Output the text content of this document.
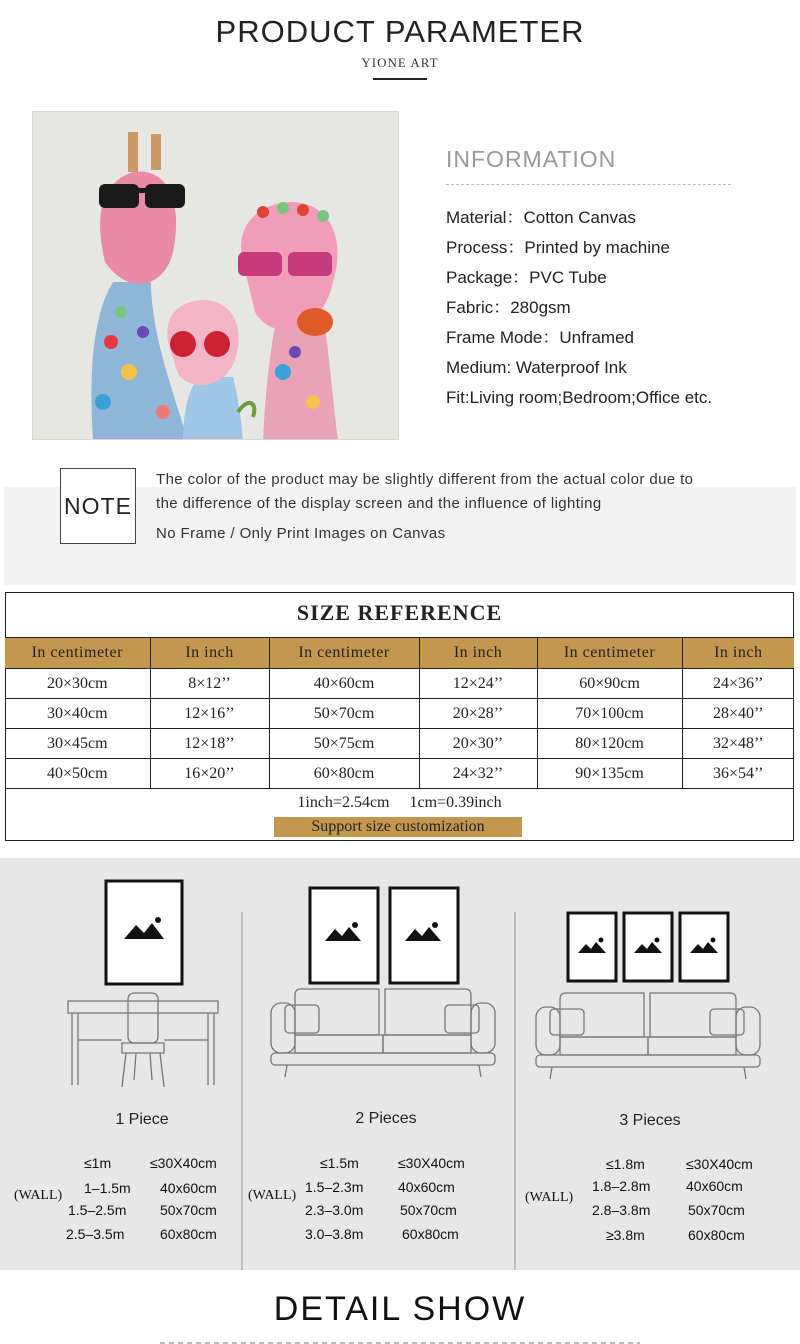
PRODUCT PARAMETER
YIONE ART
INFORMATION
Material：Cotton Canvas
Process：Printed by machine
Package：PVC Tube
Fabric：280gsm
Frame Mode：Unframed
Medium: Waterproof Ink
Fit:Living room;Bedroom;Office etc.
NOTE
The color of the product may be slightly different from the actual color due to
the difference of the display screen and the influence of lighting
No Frame / Only Print Images on Canvas
SIZE REFERENCE
In centimeter	In inch	In centimeter	In inch	In centimeter	In inch
20×30cm	8×12’’	40×60cm	12×24’’	60×90cm	24×36’’
30×40cm	12×16’’	50×70cm	20×28’’	70×100cm	28×40’’
30×45cm	12×18’’	50×75cm	20×30’’	80×120cm	32×48’’
40×50cm	16×20’’	60×80cm	24×32’’	90×135cm	36×54’’
1inch=2.54cm     1cm=0.39inch
Support size customization
1 Piece
(WALL)
≤1m	≤30X40cm
1–1.5m 40x60cm
1.5–2.5m 50x70cm
2.5–3.5m	60x80cm
2 Pieces
(WALL)
≤1.5m	≤30X40cm
1.5–2.3m 40x60cm
2.3–3.0m	50x70cm
3.0–3.8m	60x80cm
3 Pieces
(WALL)
≤1.8m	≤30X40cm
1.8–2.8m	40x60cm
2.8–3.8m	50x70cm
≥3.8m	60x80cm
DETAIL SHOW
